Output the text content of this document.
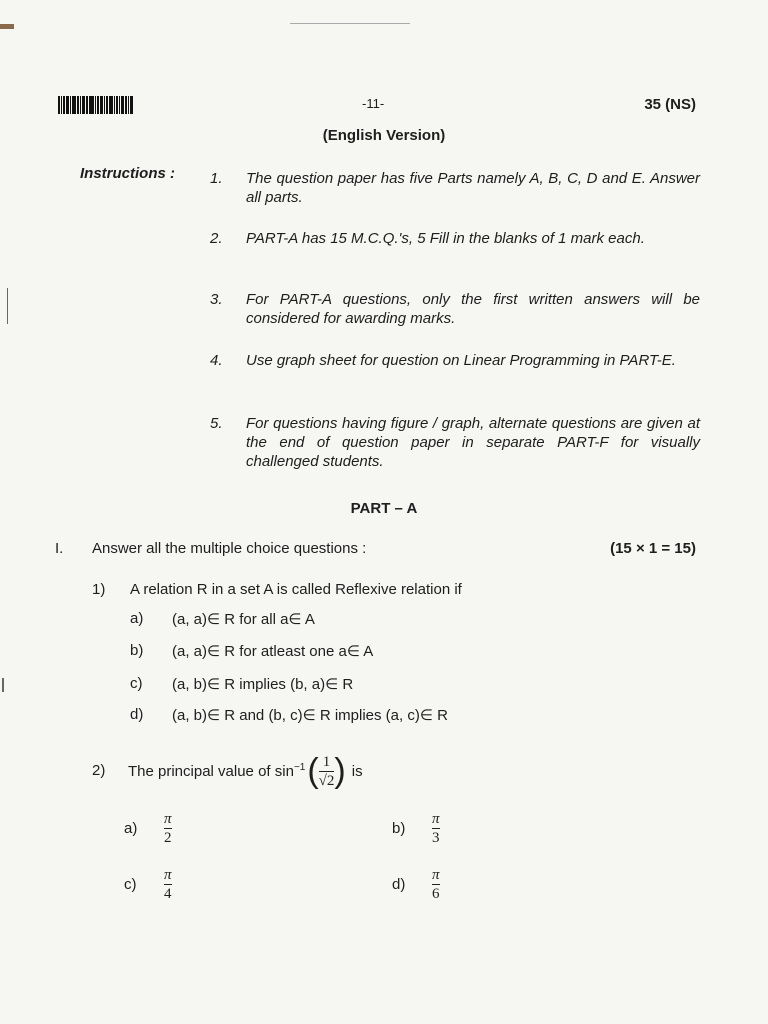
-11-	35 (NS)
(English Version)
Instructions : 1. The question paper has five Parts namely A, B, C, D and E. Answer all parts.
2. PART-A has 15 M.C.Q.'s, 5 Fill in the blanks of 1 mark each.
3. For PART-A questions, only the first written answers will be considered for awarding marks.
4. Use graph sheet for question on Linear Programming in PART-E.
5. For questions having figure / graph, alternate questions are given at the end of question paper in separate PART-F for visually challenged students.
PART – A
I. Answer all the multiple choice questions :	(15 × 1 = 15)
1) A relation R in a set A is called Reflexive relation if
a) (a, a)∈ R for all a∈ A
b) (a, a)∈ R for atleast one a∈ A
c) (a, b)∈ R implies (b, a)∈ R
d) (a, b)∈ R and (b, c)∈ R implies (a, c)∈ R
2) The principal value of $\sin^{-1}$ ( $\frac{1}{√2}$ ) is
a)
π
2
b)
π
3
c)
π
4
d)
π
6
